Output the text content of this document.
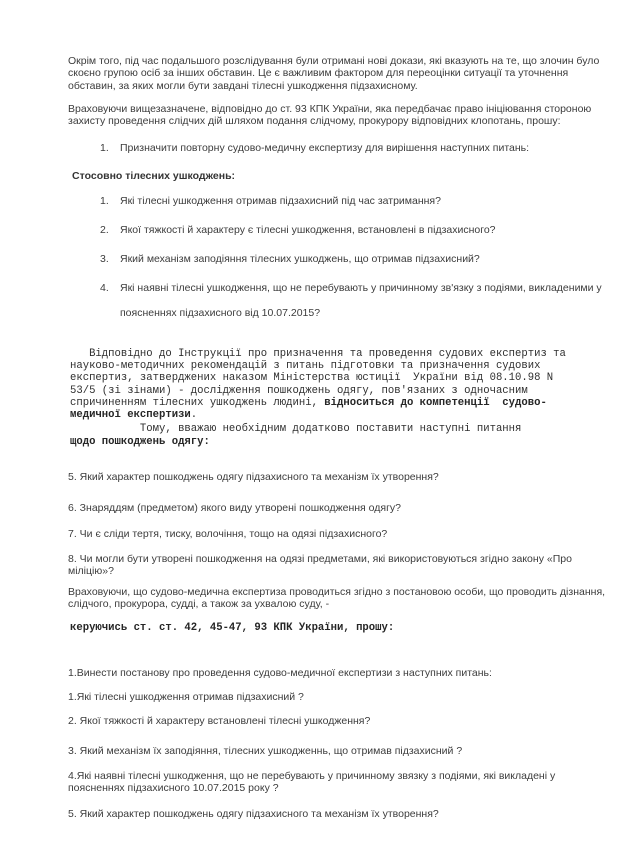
Окрім того, під час подальшого розслідування були отримані нові докази, які вказують на те, що злочин було
скоєно групою осіб за інших обставин. Це є важливим фактором для переоцінки ситуації та уточнення
обставин, за яких могли бути завдані тілесні ушкодження підзахисному.
Враховуючи вищезазначене, відповідно до ст. 93 КПК України, яка передбачає право ініціювання стороною
захисту проведення слідчих дій шляхом подання слідчому, прокурору відповідних клопотань, прошу:
1.	Призначити повторну судово-медичну експертизу для вирішення наступних питань:
Стосовно тілесних ушкоджень:
1.	Які тілесні ушкодження отримав підзахисний під час затримання?
2.	Якої тяжкості й характеру є тілесні ушкодження, встановлені в підзахисного?
3.	Який механізм заподіяння тілесних ушкоджень, що отримав підзахисний?
4.	Які наявні тілесні ушкодження, що не перебувають у причинному зв'язку з подіями, викладеними у
поясненнях підзахисного від 10.07.2015?
Відповідно до Інструкції про призначення та проведення судових експертиз та
науково-методичних рекомендацій з питань підготовки та призначення судових
експертиз, затверджених наказом Міністерства юстиції  України від 08.10.98 N
53/5 (зі зінами) - дослідження пошкоджень одягу, пов'язаних з одночасним
спричиненням тілесних ушкоджень людині, відноситься до компетенції  судово-
медичної експертизи.
Тому, вважаю необхідним додатково поставити наступні питання
щодо пошкоджень одягу:
5. Який характер пошкоджень одягу підзахисного та механізм їх утворення?
6. Знаряддям (предметом) якого виду утворені пошкодження одягу?
7. Чи є сліди тертя, тиску, волочіння, тощо на одязі підзахисного?
8. Чи могли бути утворені пошкодження на одязі предметами, які використовуються згідно закону «Про
міліцію»?
Враховуючи, що судово-медична експертиза проводиться згідно з постановою особи, що проводить дізнання,
слідчого, прокурора, судді, а також за ухвалою суду, -
керуючись ст. ст. 42, 45-47, 93 КПК України, прошу:
1.Винести постанову про проведення судово-медичної експертизи з наступних питань:
1.Які тілесні ушкодження отримав підзахисний ?
2. Якої тяжкості й характеру встановлені тілесні ушкодження?
3. Який механізм їх заподіяння, тілесних ушкодженнь, що отримав підзахисний ?
4.Які наявні тілесні ушкодження, що не перебувають у причинному звязку з подіями, які викладені у
поясненнях підзахисного 10.07.2015 року ?
5. Який характер пошкоджень одягу підзахисного та механізм їх утворення?
